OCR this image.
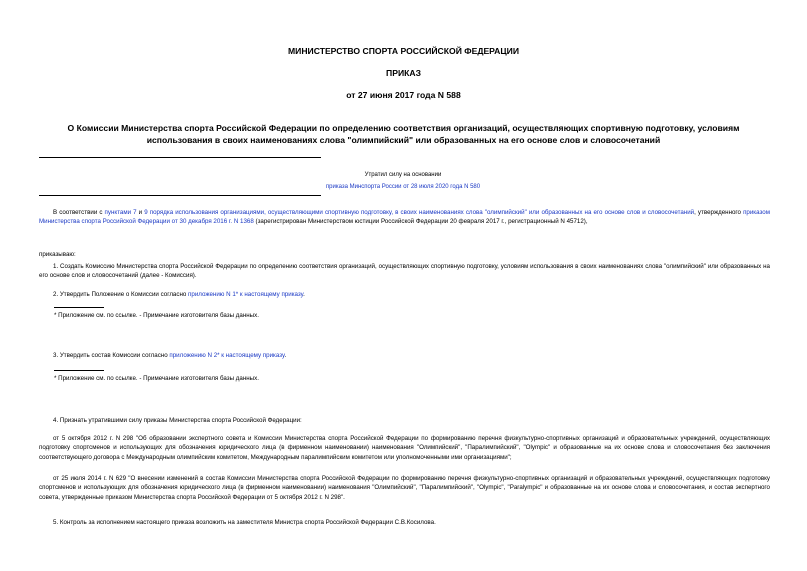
МИНИСТЕРСТВО СПОРТА РОССИЙСКОЙ ФЕДЕРАЦИИ
ПРИКАЗ
от 27 июня 2017 года N 588
О Комиссии Министерства спорта Российской Федерации по определению соответствия организаций, осуществляющих спортивную подготовку, условиям
использования в своих наименованиях слова "олимпийский" или образованных на его основе слов и словосочетаний
Утратил силу на основании
приказа Минспорта России от 28 июля 2020 года N 580
В соответствии с пунктами 7 и 9 порядка использования организациями, осуществляющими спортивную подготовку, в своих наименованиях слова "олимпийский" или образованных на его основе слов и словосочетаний, утвержденного приказом Министерства спорта Российской Федерации от 30 декабря 2016 г. N 1368 (зарегистрирован Министерством юстиции Российской Федерации 20 февраля 2017 г., регистрационный N 45712),
приказываю:
1. Создать Комиссию Министерства спорта Российской Федерации по определению соответствия организаций, осуществляющих спортивную подготовку, условиям использования в своих наименованиях слова "олимпийский" или образованных на его основе слов и словосочетаний (далее - Комиссия).
2. Утвердить Положение о Комиссии согласно приложению N 1* к настоящему приказу.
* Приложение см. по ссылке. - Примечание изготовителя базы данных.
3. Утвердить состав Комиссии согласно приложению N 2* к настоящему приказу.
* Приложение см. по ссылке. - Примечание изготовителя базы данных.
4. Признать утратившими силу приказы Министерства спорта Российской Федерации:
от 5 октября 2012 г. N 298 "Об образовании экспертного совета и Комиссии Министерства спорта Российской Федерации по формированию перечня физкультурно-спортивных организаций и образовательных учреждений, осуществляющих подготовку спортсменов и использующих для обозначения юридического лица (в фирменном наименовании) наименования "Олимпийский", "Паралимпийский", "Olympic" и образованные на их основе слова и словосочетания без заключения соответствующего договора с Международным олимпийским комитетом, Международным паралимпийским комитетом или уполномоченными ими организациями";
от 25 июля 2014 г. N 629 "О внесении изменений в состав Комиссии Министерства спорта Российской Федерации по формированию перечня физкультурно-спортивных организаций и образовательных учреждений, осуществляющих подготовку спортсменов и использующих для обозначения юридического лица (в фирменном наименовании) наименования "Олимпийский", "Паралимпийский", "Olympic", "Paralympic" и образованные на их основе слова и словосочетания, и состав экспертного совета, утвержденные приказом Министерства спорта Российской Федерации от 5 октября 2012 г. N 298".
5. Контроль за исполнением настоящего приказа возложить на заместителя Министра спорта Российской Федерации С.В.Косилова.
